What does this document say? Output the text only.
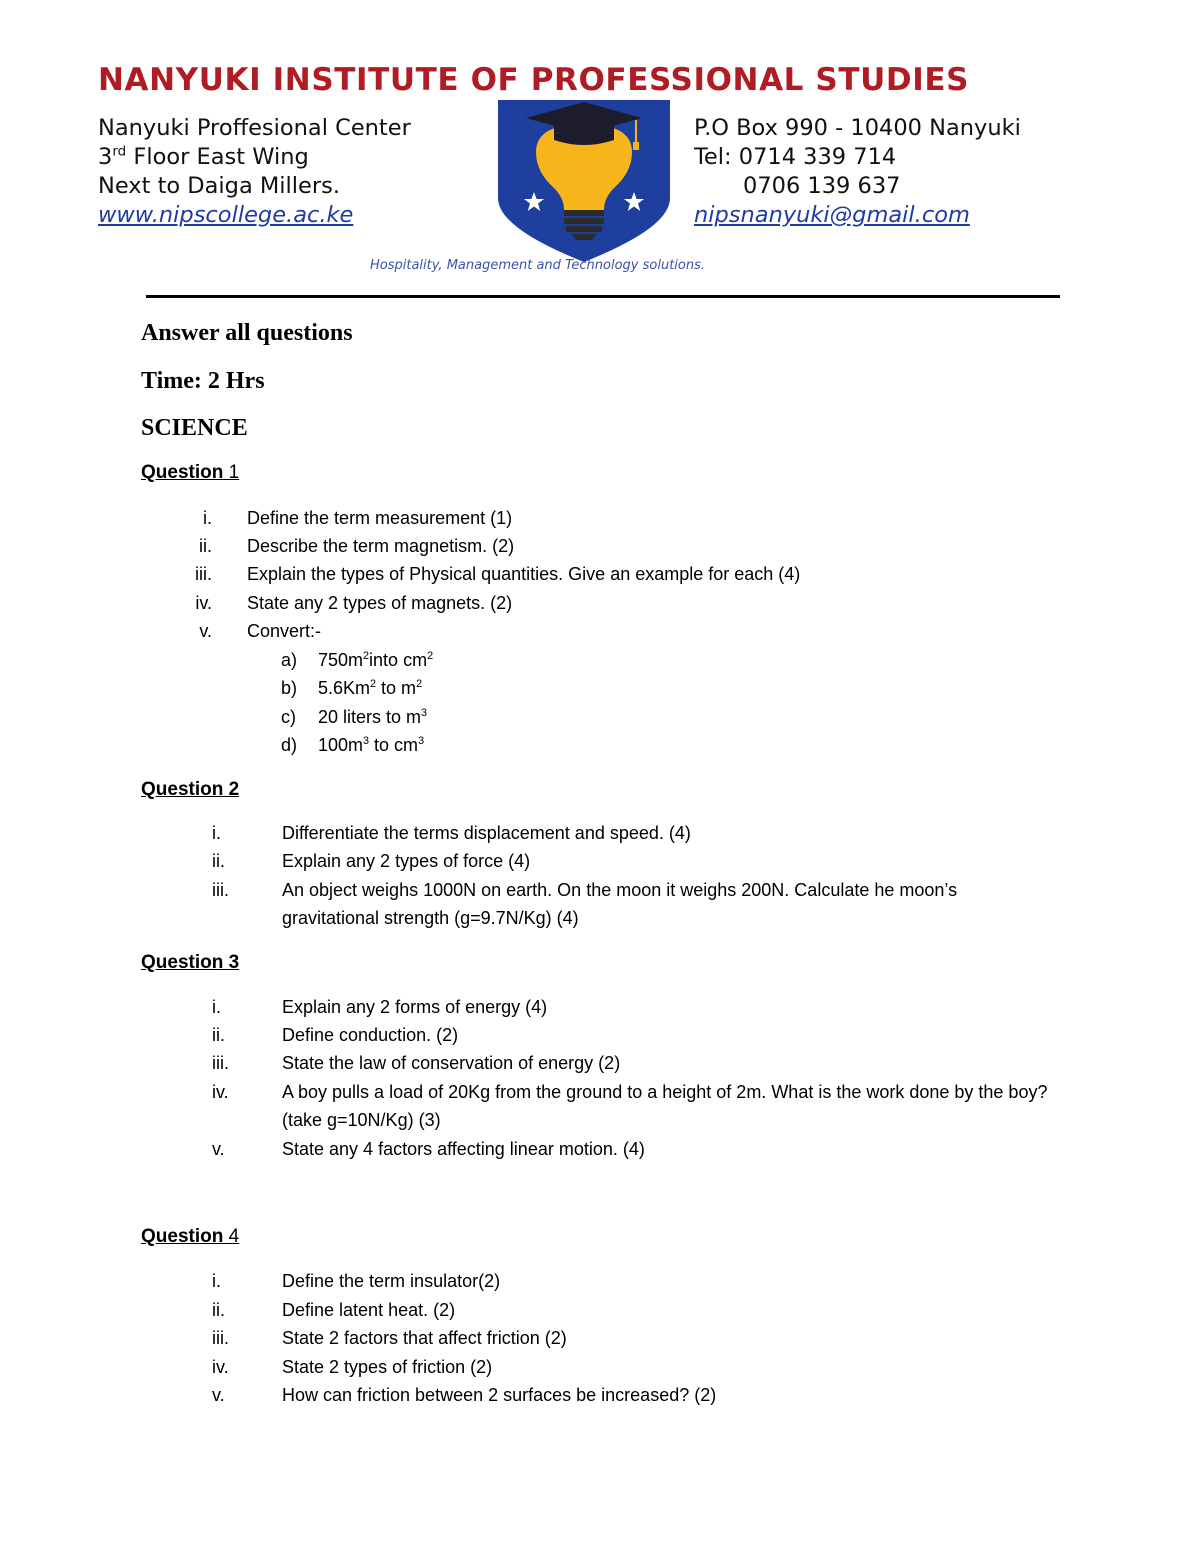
NANYUKI INSTITUTE OF PROFESSIONAL STUDIES
Nanyuki Proffesional Center
3rd Floor East Wing
Next to Daiga Millers.
www.nipscollege.ac.ke
P.O Box 990 - 10400 Nanyuki
Tel: 0714 339 714
0706 139 637
nipsnanyuki@gmail.com
Hospitality, Management and Technology solutions.
Answer all questions
Time: 2 Hrs
SCIENCE
Question 1
i. Define the term measurement (1)
ii. Describe the term magnetism. (2)
iii. Explain the types of Physical quantities. Give an example for each (4)
iv. State any 2 types of magnets. (2)
v. Convert:-
a) $750m^2into$ $cm^2$
b) 5.6Km$^2$ to $m^2$
c) 20 liters to $m^3$
d) $100m^3$ to $cm^3$
Question 2
i.	Differentiate the terms displacement and speed. (4)
ii.	Explain any 2 types of force (4)
iii.	An object weighs 1000N on earth. On the moon it weighs 200N. Calculate he moon’s gravitational strength (g=9.7N/Kg) (4)
Question 3
i.	Explain any 2 forms of energy (4)
ii.	Define conduction. (2)
iii.	State the law of conservation of energy (2)
iv.	A boy pulls a load of 20Kg from the ground to a height of 2m. What is the work done by the boy? (take g=10N/Kg) (3)
v.	State any 4 factors affecting linear motion. (4)
Question 4
i.	Define the term insulator(2)
ii.	Define latent heat. (2)
iii.	State 2 factors that affect friction (2)
iv.	State 2 types of friction (2)
v.	How can friction between 2 surfaces be increased? (2)
